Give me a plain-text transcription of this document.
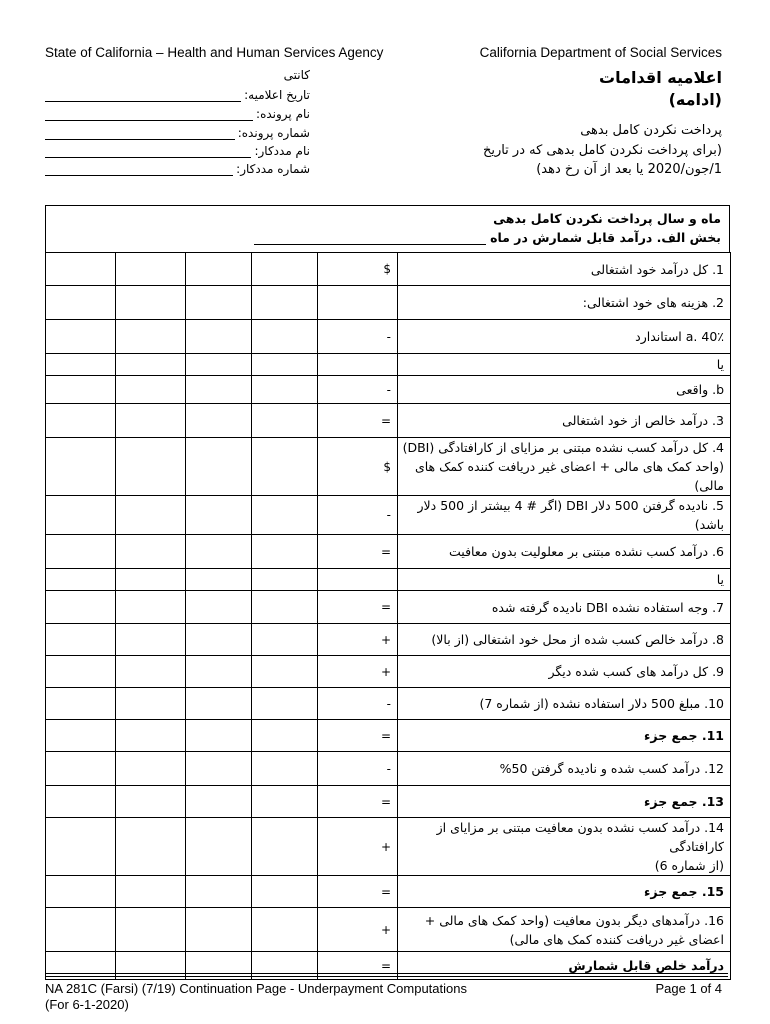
State of California – Health and Human Services Agency	California Department of Social Services
کانتی
تاریخ اعلامیه:
نام پرونده:
شماره پرونده:
نام مددکار:
شماره مددکار:
اعلامیه اقدامات
(ادامه)
پرداخت نکردن کامل بدهی
(برای پرداخت نکردن کامل بدهی که در تاریخ
1/جون/2020 یا بعد از آن رخ دهد)
ماه و سال پرداخت نکردن کامل بدهی
بخش الف. درآمد قابل شمارش در ماه
				$	1. کل درآمد خود اشتغالی

					2. هزینه های خود اشتغالی:

				-	a. 40٪ استاندارد

					یا

				-	b. واقعی

				=	3. درآمد خالص از خود اشتغالی

				$	4. کل درآمد کسب نشده مبتنی بر مزایای از کارافتادگی (DBI)
(واحد کمک های مالی + اعضای غیر دریافت کننده کمک های مالی)

				-	5. نادیده گرفتن 500 دلار DBI (اگر # 4 بیشتر از 500 دلار باشد)

				=	6. درآمد کسب نشده مبتنی بر معلولیت بدون معافیت

					یا

				=	7. وجه استفاده نشده DBI نادیده گرفته شده

				+	8. درآمد خالص کسب شده از محل خود اشتغالی (از بالا)

				+	9. کل درآمد های کسب شده دیگر

				-	10. مبلغ 500 دلار استفاده نشده (از شماره 7)

				=	11. جمع جزء

				-	12. درآمد کسب شده و نادیده گرفتن 50%

				=	13. جمع جزء

				+	14. درآمد کسب نشده بدون معافیت مبتنی بر مزایای از کارافتادگی
(از شماره 6)

				=	15. جمع جزء

				+	16. درآمدهای دیگر بدون معافیت (واحد کمک های مالی +
اعضای غیر دریافت کننده کمک های مالی)

				=	درآمد خلص قابل شمارش
NA 281C (Farsi) (7/19) Continuation Page - Underpayment Computations
(For 6-1-2020)
Page 1 of 4
